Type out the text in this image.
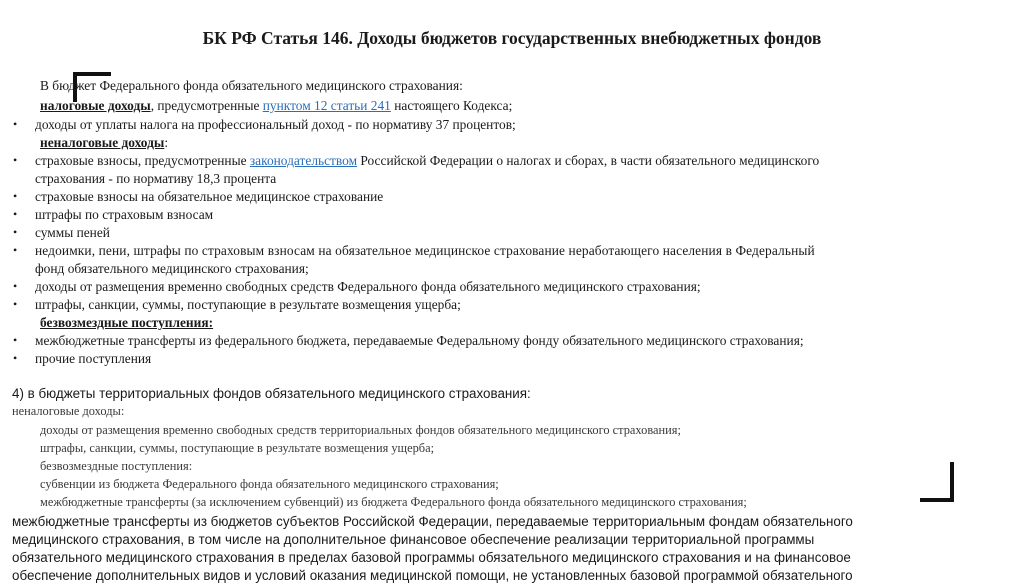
БК РФ Статья 146. Доходы бюджетов государственных внебюджетных фондов
В бюджет Федерального фонда обязательного медицинского страхования:
налоговые доходы, предусмотренные пунктом 12 статьи 241 настоящего Кодекса;
• доходы от уплаты налога на профессиональный доход - по нормативу 37 процентов;
неналоговые доходы:
• страховые взносы, предусмотренные законодательством Российской Федерации о налогах и сборах, в части обязательного медицинского
страхования - по нормативу 18,3 процента
• страховые взносы на обязательное медицинское страхование
• штрафы по страховым взносам
• суммы пеней
• недоимки, пени, штрафы по страховым взносам на обязательное медицинское страхование неработающего населения в Федеральный
фонд обязательного медицинского страхования;
• доходы от размещения временно свободных средств Федерального фонда обязательного медицинского страхования;
• штрафы, санкции, суммы, поступающие в результате возмещения ущерба;
безвозмездные поступления:
• межбюджетные трансферты из федерального бюджета, передаваемые Федеральному фонду обязательного медицинского страхования;
• прочие поступления
4) в бюджеты территориальных фондов обязательного медицинского страхования:
неналоговые доходы:
доходы от размещения временно свободных средств территориальных фондов обязательного медицинского страхования;
штрафы, санкции, суммы, поступающие в результате возмещения ущерба;
безвозмездные поступления:
субвенции из бюджета Федерального фонда обязательного медицинского страхования;
межбюджетные трансферты (за исключением субвенций) из бюджета Федерального фонда обязательного медицинского страхования;
межбюджетные трансферты из бюджетов субъектов Российской Федерации, передаваемые территориальным фондам обязательного
медицинского страхования, в том числе на дополнительное финансовое обеспечение реализации территориальной программы
обязательного медицинского страхования в пределах базовой программы обязательного медицинского страхования и на финансовое
обеспечение дополнительных видов и условий оказания медицинской помощи, не установленных базовой программой обязательного
